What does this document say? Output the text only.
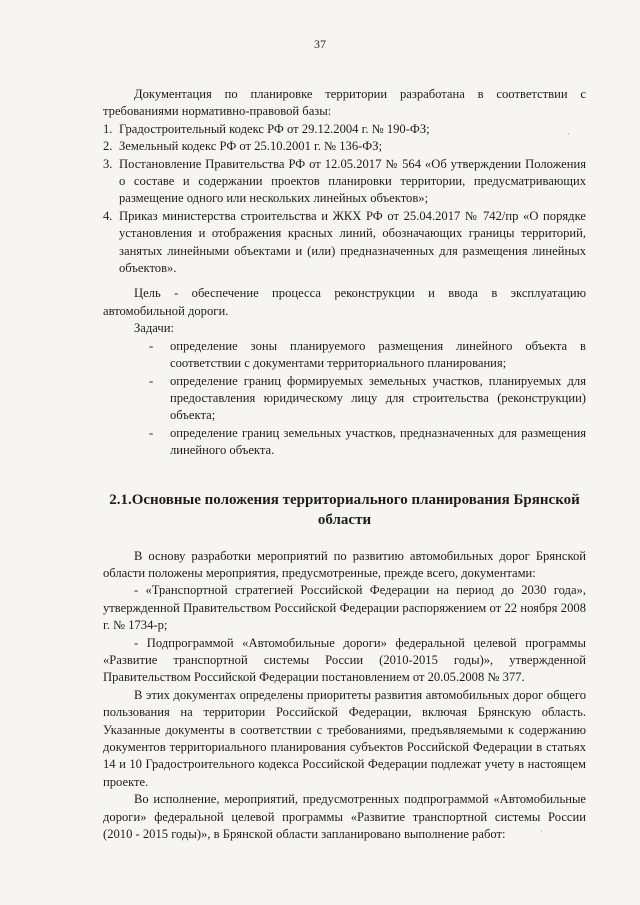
37

Документация по планировке территории разработана в соответствии с требованиями нормативно-правовой базы:

1. Градостроительный кодекс РФ от 29.12.2004 г. № 190-ФЗ;
2. Земельный кодекс РФ от 25.10.2001 г. № 136-ФЗ;
3. Постановление Правительства РФ от 12.05.2017 № 564 «Об утверждении Положения о составе и содержании проектов планировки территории, предусматривающих размещение одного или нескольких линейных объектов»;
4. Приказ министерства строительства и ЖКХ РФ от 25.04.2017 № 742/пр «О порядке установления и отображения красных линий, обозначающих границы территорий, занятых линейными объектами и (или) предназначенных для размещения линейных объектов».

Цель - обеспечение процесса реконструкции и ввода в эксплуатацию автомобильной дороги.

Задачи:

-	определение зоны планируемого размещения линейного объекта в соответствии с документами территориального планирования;
-	определение границ формируемых земельных участков, планируемых для предоставления юридическому лицу для строительства (реконструкции) объекта;
-	определение границ земельных участков, предназначенных для размещения линейного объекта.
2.1.Основные положения территориального планирования Брянской области

В основу разработки мероприятий по развитию автомобильных дорог Брянской области положены мероприятия, предусмотренные, прежде всего, документами:

- «Транспортной стратегией Российской Федерации на период до 2030 года», утвержденной Правительством Российской Федерации распоряжением от 22 ноября 2008 г. № 1734-р;

- Подпрограммой «Автомобильные дороги» федеральной целевой программы «Развитие транспортной системы России (2010-2015 годы)», утвержденной Правительством Российской Федерации постановлением от 20.05.2008 № 377.

В этих документах определены приоритеты развития автомобильных дорог общего пользования на территории Российской Федерации, включая Брянскую область. Указанные документы в соответствии с требованиями, предъявляемыми к содержанию документов территориального планирования субъектов Российской Федерации в статьях 14 и 10 Градостроительного кодекса Российской Федерации подлежат учету в настоящем проекте.

Во исполнение, мероприятий, предусмотренных подпрограммой «Автомобильные дороги» федеральной целевой программы «Развитие транспортной системы России (2010 - 2015 годы)», в Брянской области запланировано выполнение работ:

·
·
